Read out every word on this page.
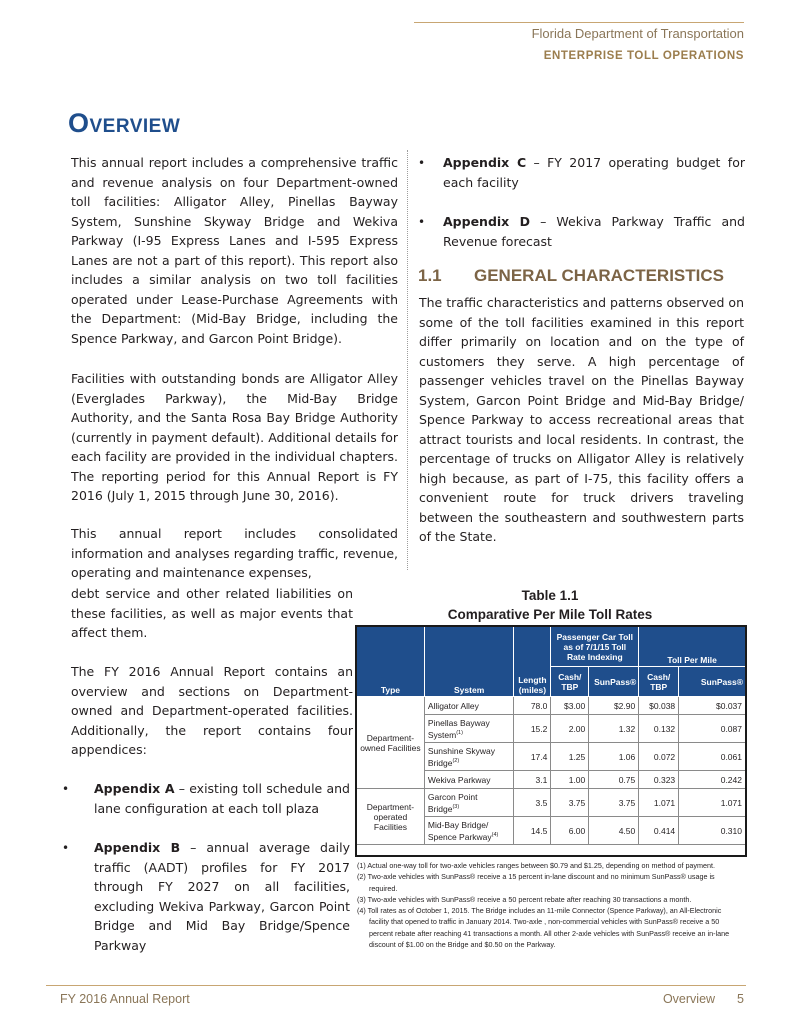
Florida Department of Transportation
ENTERPRISE TOLL OPERATIONS
Overview

This annual report includes a comprehensive traffic and revenue analysis on four Department-owned toll facilities: Alligator Alley, Pinellas Bayway System, Sunshine Skyway Bridge and Wekiva Parkway (I-95 Express Lanes and I-595 Express Lanes are not a part of this report). This report also includes a similar analysis on two toll facilities operated under Lease-Purchase Agreements with the Department: (Mid-Bay Bridge, including the Spence Parkway, and Garcon Point Bridge).

Facilities with outstanding bonds are Alligator Alley (Everglades Parkway), the Mid-Bay Bridge Authority, and the Santa Rosa Bay Bridge Authority (currently in payment default). Additional details for each facility are provided in the individual chapters. The reporting period for this Annual Report is FY 2016 (July 1, 2015 through June 30, 2016).

This annual report includes consolidated information and analyses regarding traffic, revenue, operating and maintenance expenses,

debt service and other related liabilities on these facilities, as well as major events that affect them.

The FY 2016 Annual Report contains an overview and sections on Department-owned and Department-operated facilities. Additionally, the report contains four appendices:

• Appendix A – existing toll schedule and lane configuration at each toll plaza

• Appendix B – annual average daily traffic (AADT) profiles for FY 2017 through FY 2027 on all facilities, excluding Wekiva Parkway, Garcon Point Bridge and Mid Bay Bridge/Spence Parkway

• Appendix C – FY 2017 operating budget for each facility

• Appendix D – Wekiva Parkway Traffic and Revenue forecast

1.1 GENERAL CHARACTERISTICS

The traffic characteristics and patterns observed on some of the toll facilities examined in this report differ primarily on location and on the type of customers they serve. A high percentage of passenger vehicles travel on the Pinellas Bayway System, Garcon Point Bridge and Mid-Bay Bridge/ Spence Parkway to access recreational areas that attract tourists and local residents. In contrast, the percentage of trucks on Alligator Alley is relatively high because, as part of I-75, this facility offers a convenient route for truck drivers traveling between the southeastern and southwestern parts of the State.

Table 1.1
Comparative Per Mile Toll Rates
Type	System	Length (miles)	Passenger Car Toll as of 7/1/15 Toll Rate Indexing		Toll Per Mile	
			Cash/ TBP	SunPass®	Cash/ TBP	SunPass®
Department-owned Facilities	Alligator Alley	78.0	$3.00	$2.90	$0.038	$0.037
	Pinellas Bayway System$^{(1)}$	15.2	2.00	1.32	0.132	0.087
	Sunshine Skyway Bridge$^{(2)}$	17.4	1.25	1.06	0.072	0.061
	Wekiva Parkway	3.1	1.00	0.75	0.323	0.242
Department-operated Facilities	Garcon Point Bridge$^{(3)}$	3.5	3.75	3.75	1.071	1.071
	Mid-Bay Bridge/ Spence Parkway$^{(4)}$	14.5	6.00	4.50	0.414	0.310
(1) Actual one-way toll for two-axle vehicles ranges between $0.79 and $1.25, depending on method of payment.
(2) Two-axle vehicles with SunPass® receive a 15 percent in-lane discount and no minimum SunPass® usage is required.
(3) Two-axle vehicles with SunPass® receive a 50 percent rebate after reaching 30 transactions a month.
(4) Toll rates as of October 1, 2015. The Bridge includes an 11-mile Connector (Spence Parkway), an All-Electronic facility that opened to traffic in January 2014. Two-axle , non-commercial vehicles with SunPass® receive a 50 percent rebate after reaching 41 transactions a month. All other 2-axle vehicles with SunPass® receive an in-lane discount of $1.00 on the Bridge and $0.50 on the Parkway.
FY 2016 Annual Report	Overview 5
